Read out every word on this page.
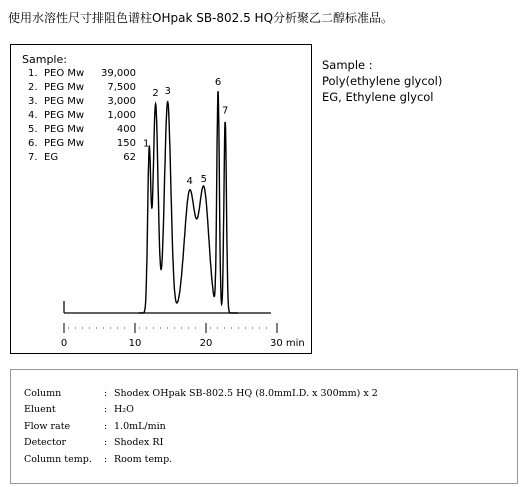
使用水溶性尺寸排阻色谱柱OHpak SB-802.5 HQ分析聚乙二醇标准品。
Sample:
1. PEO Mw 39,000
2. PEG Mw 7,500
3. PEG Mw 3,000
4. PEG Mw 1,000
5. PEG Mw	400
6. PEG Mw	150
7. EG	62
Sample :
Poly(ethylene glycol)
EG, Ethylene glycol
1
2 3
4 5
6
7
0	10	20	30 min
Column	: Shodex OHpak SB-802.5 HQ (8.0mmI.D. x 300mm) x 2
Eluent	: H₂O
Flow rate	: 1.0mL/min
Detector	: Shodex RI
Column temp. : Room temp.
